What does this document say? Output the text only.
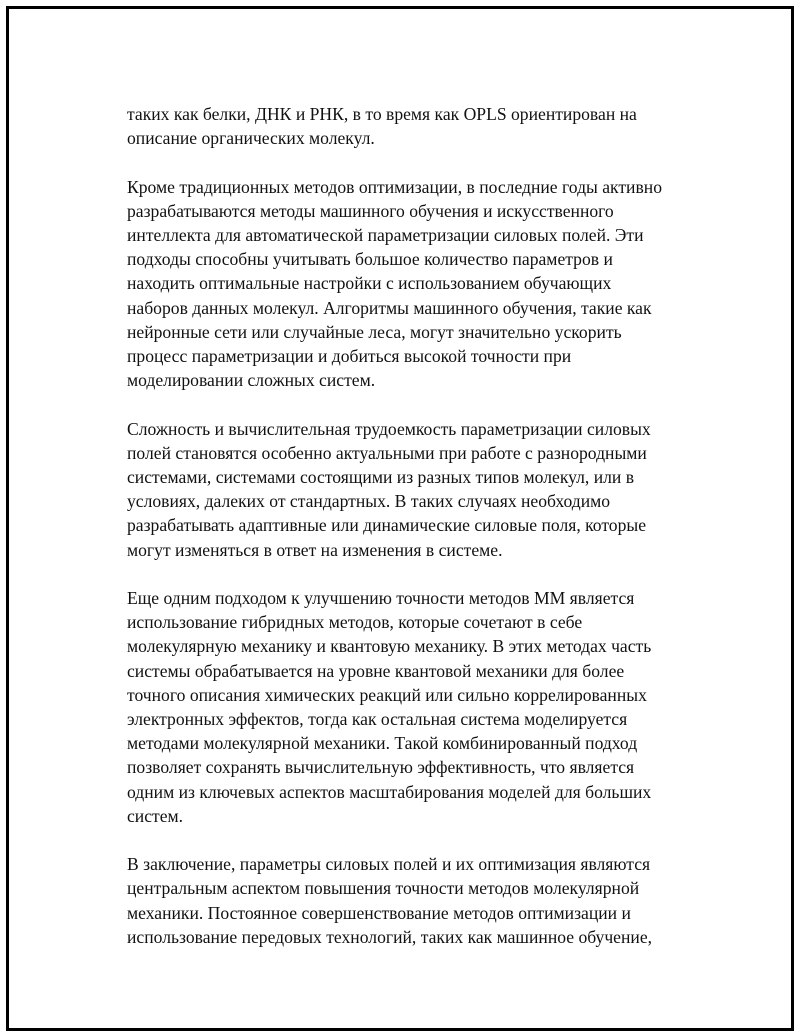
таких как белки, ДНК и РНК, в то время как OPLS ориентирован на
описание органических молекул.

Кроме традиционных методов оптимизации, в последние годы активно
разрабатываются методы машинного обучения и искусственного
интеллекта для автоматической параметризации силовых полей. Эти
подходы способны учитывать большое количество параметров и
находить оптимальные настройки с использованием обучающих
наборов данных молекул. Алгоритмы машинного обучения, такие как
нейронные сети или случайные леса, могут значительно ускорить
процесс параметризации и добиться высокой точности при
моделировании сложных систем.

Сложность и вычислительная трудоемкость параметризации силовых
полей становятся особенно актуальными при работе с разнородными
системами, системами состоящими из разных типов молекул, или в
условиях, далеких от стандартных. В таких случаях необходимо
разрабатывать адаптивные или динамические силовые поля, которые
могут изменяться в ответ на изменения в системе.

Еще одним подходом к улучшению точности методов ММ является
использование гибридных методов, которые сочетают в себе
молекулярную механику и квантовую механику. В этих методах часть
системы обрабатывается на уровне квантовой механики для более
точного описания химических реакций или сильно коррелированных
электронных эффектов, тогда как остальная система моделируется
методами молекулярной механики. Такой комбинированный подход
позволяет сохранять вычислительную эффективность, что является
одним из ключевых аспектов масштабирования моделей для больших
систем.

В заключение, параметры силовых полей и их оптимизация являются
центральным аспектом повышения точности методов молекулярной
механики. Постоянное совершенствование методов оптимизации и
использование передовых технологий, таких как машинное обучение,
